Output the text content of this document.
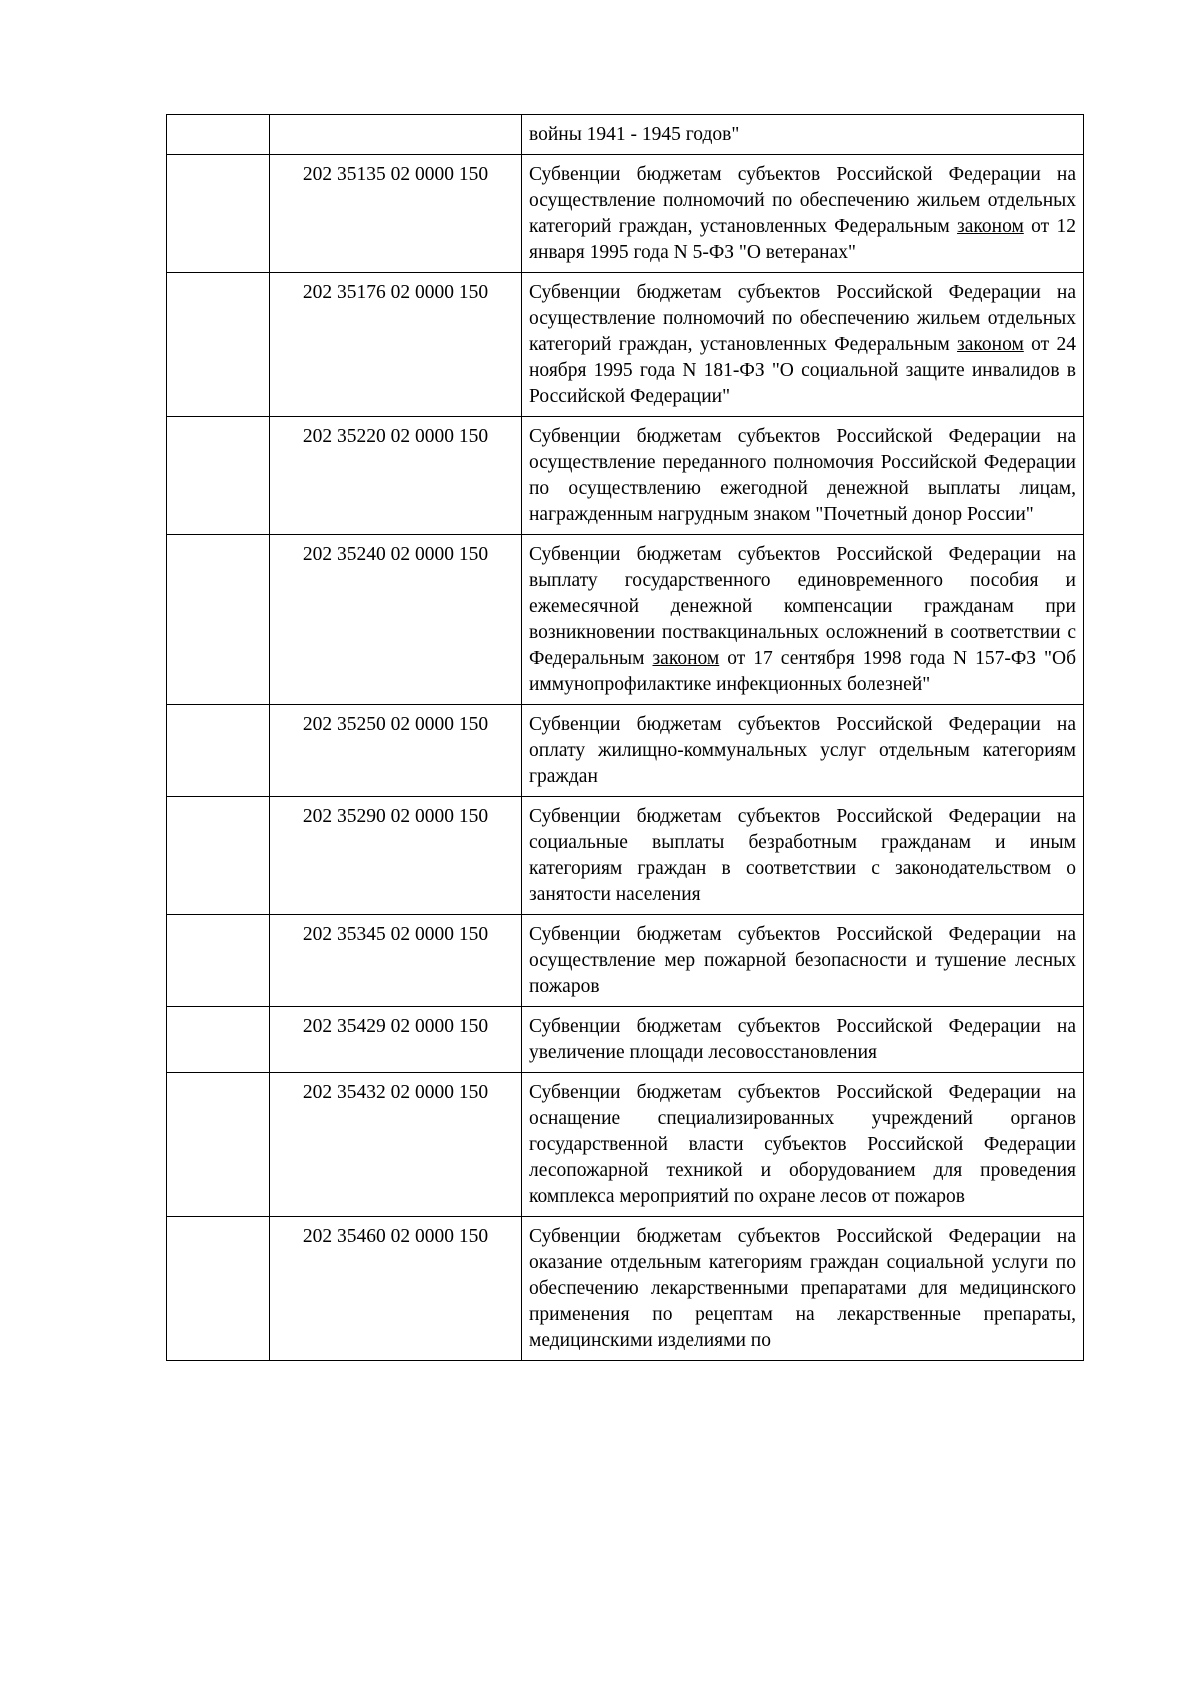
		войны 1941 - 1945 годов"
	202 35135 02 0000 150	Субвенции бюджетам субъектов Российской Федерации на осуществление полномочий по обеспечению жильем отдельных категорий граждан, установленных Федеральным законом от 12 января 1995 года N 5-ФЗ "О ветеранах"
	202 35176 02 0000 150	Субвенции бюджетам субъектов Российской Федерации на осуществление полномочий по обеспечению жильем отдельных категорий граждан, установленных Федеральным законом от 24 ноября 1995 года N 181-ФЗ "О социальной защите инвалидов в Российской Федерации"
	202 35220 02 0000 150	Субвенции бюджетам субъектов Российской Федерации на осуществление переданного полномочия Российской Федерации по осуществлению ежегодной денежной выплаты лицам, награжденным нагрудным знаком "Почетный донор России"
	202 35240 02 0000 150	Субвенции бюджетам субъектов Российской Федерации на выплату государственного единовременного пособия и ежемесячной денежной компенсации гражданам при возникновении поствакцинальных осложнений в соответствии с Федеральным законом от 17 сентября 1998 года N 157-ФЗ "Об иммунопрофилактике инфекционных болезней"
	202 35250 02 0000 150	Субвенции бюджетам субъектов Российской Федерации на оплату жилищно-коммунальных услуг отдельным категориям граждан
	202 35290 02 0000 150	Субвенции бюджетам субъектов Российской Федерации на социальные выплаты безработным гражданам и иным категориям граждан в соответствии с законодательством о занятости населения
	202 35345 02 0000 150	Субвенции бюджетам субъектов Российской Федерации на осуществление мер пожарной безопасности и тушение лесных пожаров
	202 35429 02 0000 150	Субвенции бюджетам субъектов Российской Федерации на увеличение площади лесовосстановления
	202 35432 02 0000 150	Субвенции бюджетам субъектов Российской Федерации на оснащение специализированных учреждений органов государственной власти субъектов Российской Федерации лесопожарной техникой и оборудованием для проведения комплекса мероприятий по охране лесов от пожаров
	202 35460 02 0000 150	Субвенции бюджетам субъектов Российской Федерации на оказание отдельным категориям граждан социальной услуги по обеспечению лекарственными препаратами для медицинского применения по рецептам на лекарственные препараты, медицинскими изделиями по
